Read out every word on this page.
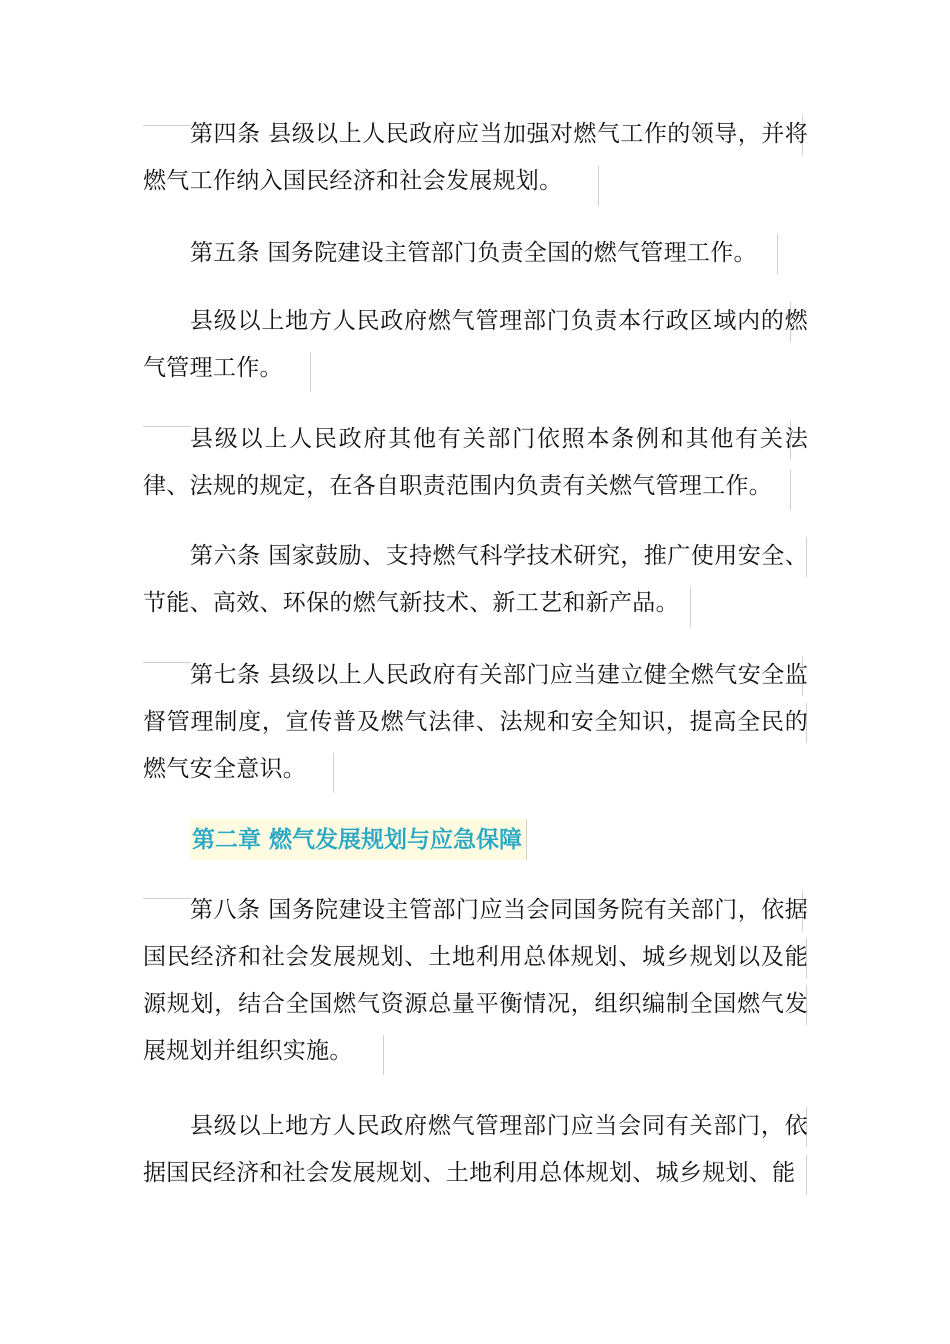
第四条 县级以上人民政府应当加强对燃气工作的领导，并将燃气工作纳入国民经济和社会发展规划。

第五条 国务院建设主管部门负责全国的燃气管理工作。

县级以上地方人民政府燃气管理部门负责本行政区域内的燃气管理工作。

县级以上人民政府其他有关部门依照本条例和其他有关法律、法规的规定，在各自职责范围内负责有关燃气管理工作。

第六条 国家鼓励、支持燃气科学技术研究，推广使用安全、节能、高效、环保的燃气新技术、新工艺和新产品。

第七条 县级以上人民政府有关部门应当建立健全燃气安全监督管理制度，宣传普及燃气法律、法规和安全知识，提高全民的燃气安全意识。

第二章 燃气发展规划与应急保障

第八条 国务院建设主管部门应当会同国务院有关部门，依据国民经济和社会发展规划、土地利用总体规划、城乡规划以及能源规划，结合全国燃气资源总量平衡情况，组织编制全国燃气发展规划并组织实施。

县级以上地方人民政府燃气管理部门应当会同有关部门，依据国民经济和社会发展规划、土地利用总体规划、城乡规划、能
